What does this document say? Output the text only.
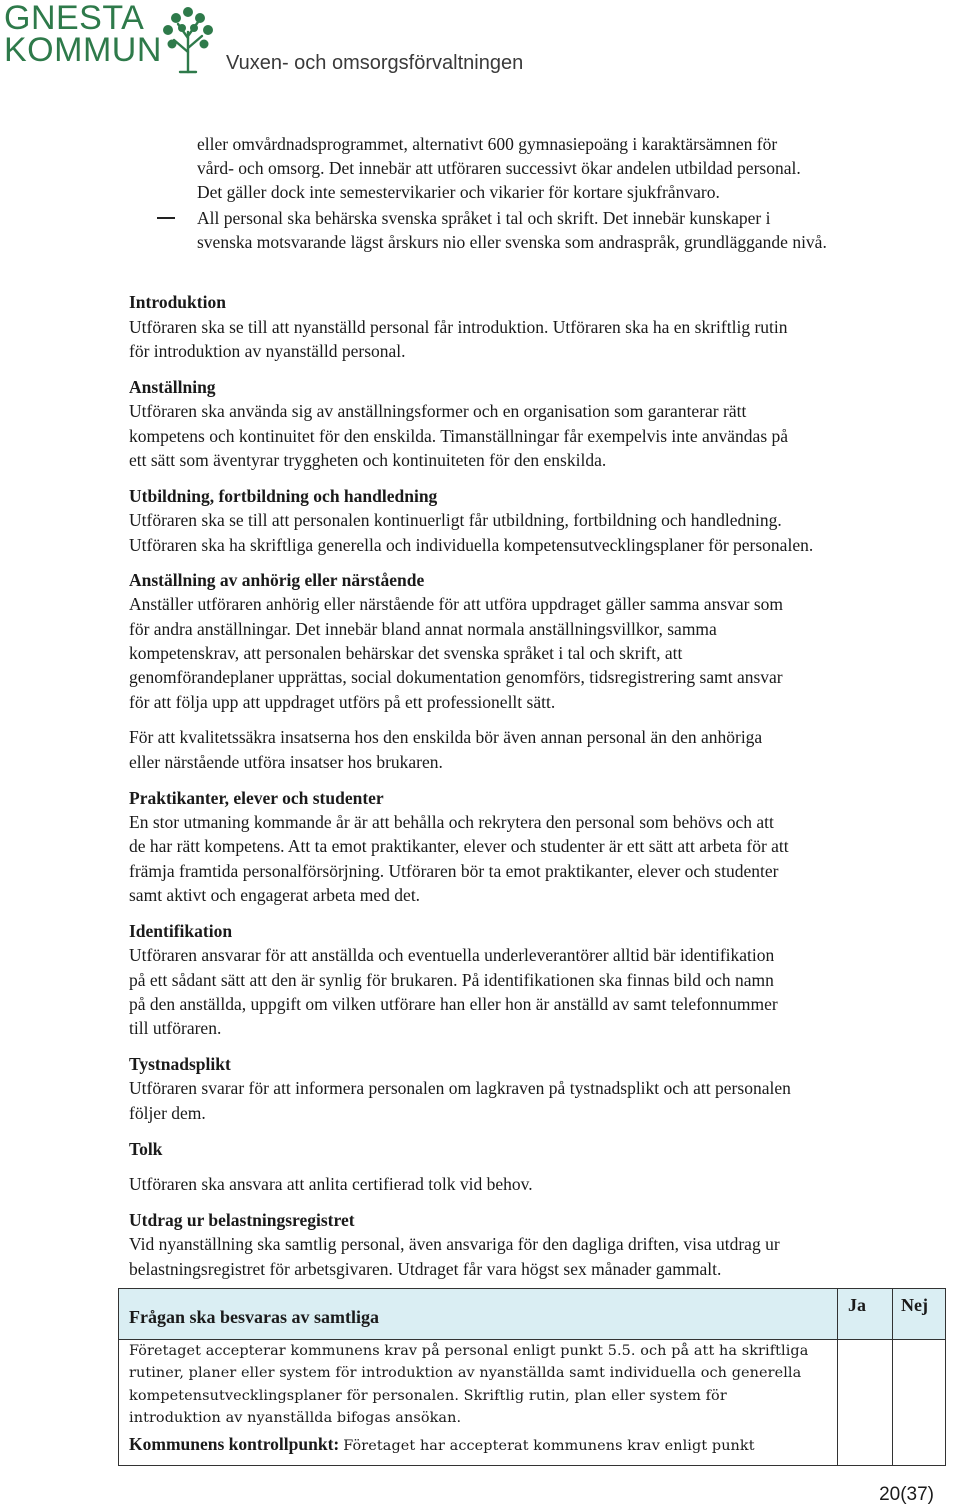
GNESTA
KOMMUN	Vuxen- och omsorgsförvaltningen
eller omvårdnadsprogrammet, alternativt 600 gymnasiepoäng i karaktärsämnen för
vård- och omsorg. Det innebär att utföraren successivt ökar andelen utbildad personal.
Det gäller dock inte semestervikarier och vikarier för kortare sjukfrånvaro.
All personal ska behärska svenska språket i tal och skrift. Det innebär kunskaper i
svenska motsvarande lägst årskurs nio eller svenska som andraspråk, grundläggande nivå.
Introduktion
Utföraren ska se till att nyanställd personal får introduktion. Utföraren ska ha en skriftlig rutin
för introduktion av nyanställd personal.
Anställning
Utföraren ska använda sig av anställningsformer och en organisation som garanterar rätt
kompetens och kontinuitet för den enskilda. Timanställningar får exempelvis inte användas på
ett sätt som äventyrar tryggheten och kontinuiteten för den enskilda.
Utbildning, fortbildning och handledning
Utföraren ska se till att personalen kontinuerligt får utbildning, fortbildning och handledning.
Utföraren ska ha skriftliga generella och individuella kompetensutvecklingsplaner för personalen.
Anställning av anhörig eller närstående
Anställer utföraren anhörig eller närstående för att utföra uppdraget gäller samma ansvar som
för andra anställningar. Det innebär bland annat normala anställningsvillkor, samma
kompetenskrav, att personalen behärskar det svenska språket i tal och skrift, att
genomförandeplaner upprättas, social dokumentation genomförs, tidsregistrering samt ansvar
för att följa upp att uppdraget utförs på ett professionellt sätt.
För att kvalitetssäkra insatserna hos den enskilda bör även annan personal än den anhöriga
eller närstående utföra insatser hos brukaren.
Praktikanter, elever och studenter
En stor utmaning kommande år är att behålla och rekrytera den personal som behövs och att
de har rätt kompetens. Att ta emot praktikanter, elever och studenter är ett sätt att arbeta för att
främja framtida personalförsörjning. Utföraren bör ta emot praktikanter, elever och studenter
samt aktivt och engagerat arbeta med det.
Identifikation
Utföraren ansvarar för att anställda och eventuella underleverantörer alltid bär identifikation
på ett sådant sätt att den är synlig för brukaren. På identifikationen ska finnas bild och namn
på den anställda, uppgift om vilken utförare han eller hon är anställd av samt telefonnummer
till utföraren.
Tystnadsplikt
Utföraren svarar för att informera personalen om lagkraven på tystnadsplikt och att personalen
följer dem.
Tolk
Utföraren ska ansvara att anlita certifierad tolk vid behov.
Utdrag ur belastningsregistret
Vid nyanställning ska samtlig personal, även ansvariga för den dagliga driften, visa utdrag ur
belastningsregistret för arbetsgivaren. Utdraget får vara högst sex månader gammalt.
Frågan ska besvaras av samtliga
Ja Nej
Företaget accepterar kommunens krav på personal enligt punkt 5.5. och på att ha skriftliga
rutiner, planer eller system för introduktion av nyanställda samt individuella och generella
kompetensutvecklingsplaner för personalen. Skriftlig rutin, plan eller system för
introduktion av nyanställda bifogas ansökan.
Kommunens kontrollpunkt: Företaget har accepterat kommunens krav enligt punkt
20(37)
